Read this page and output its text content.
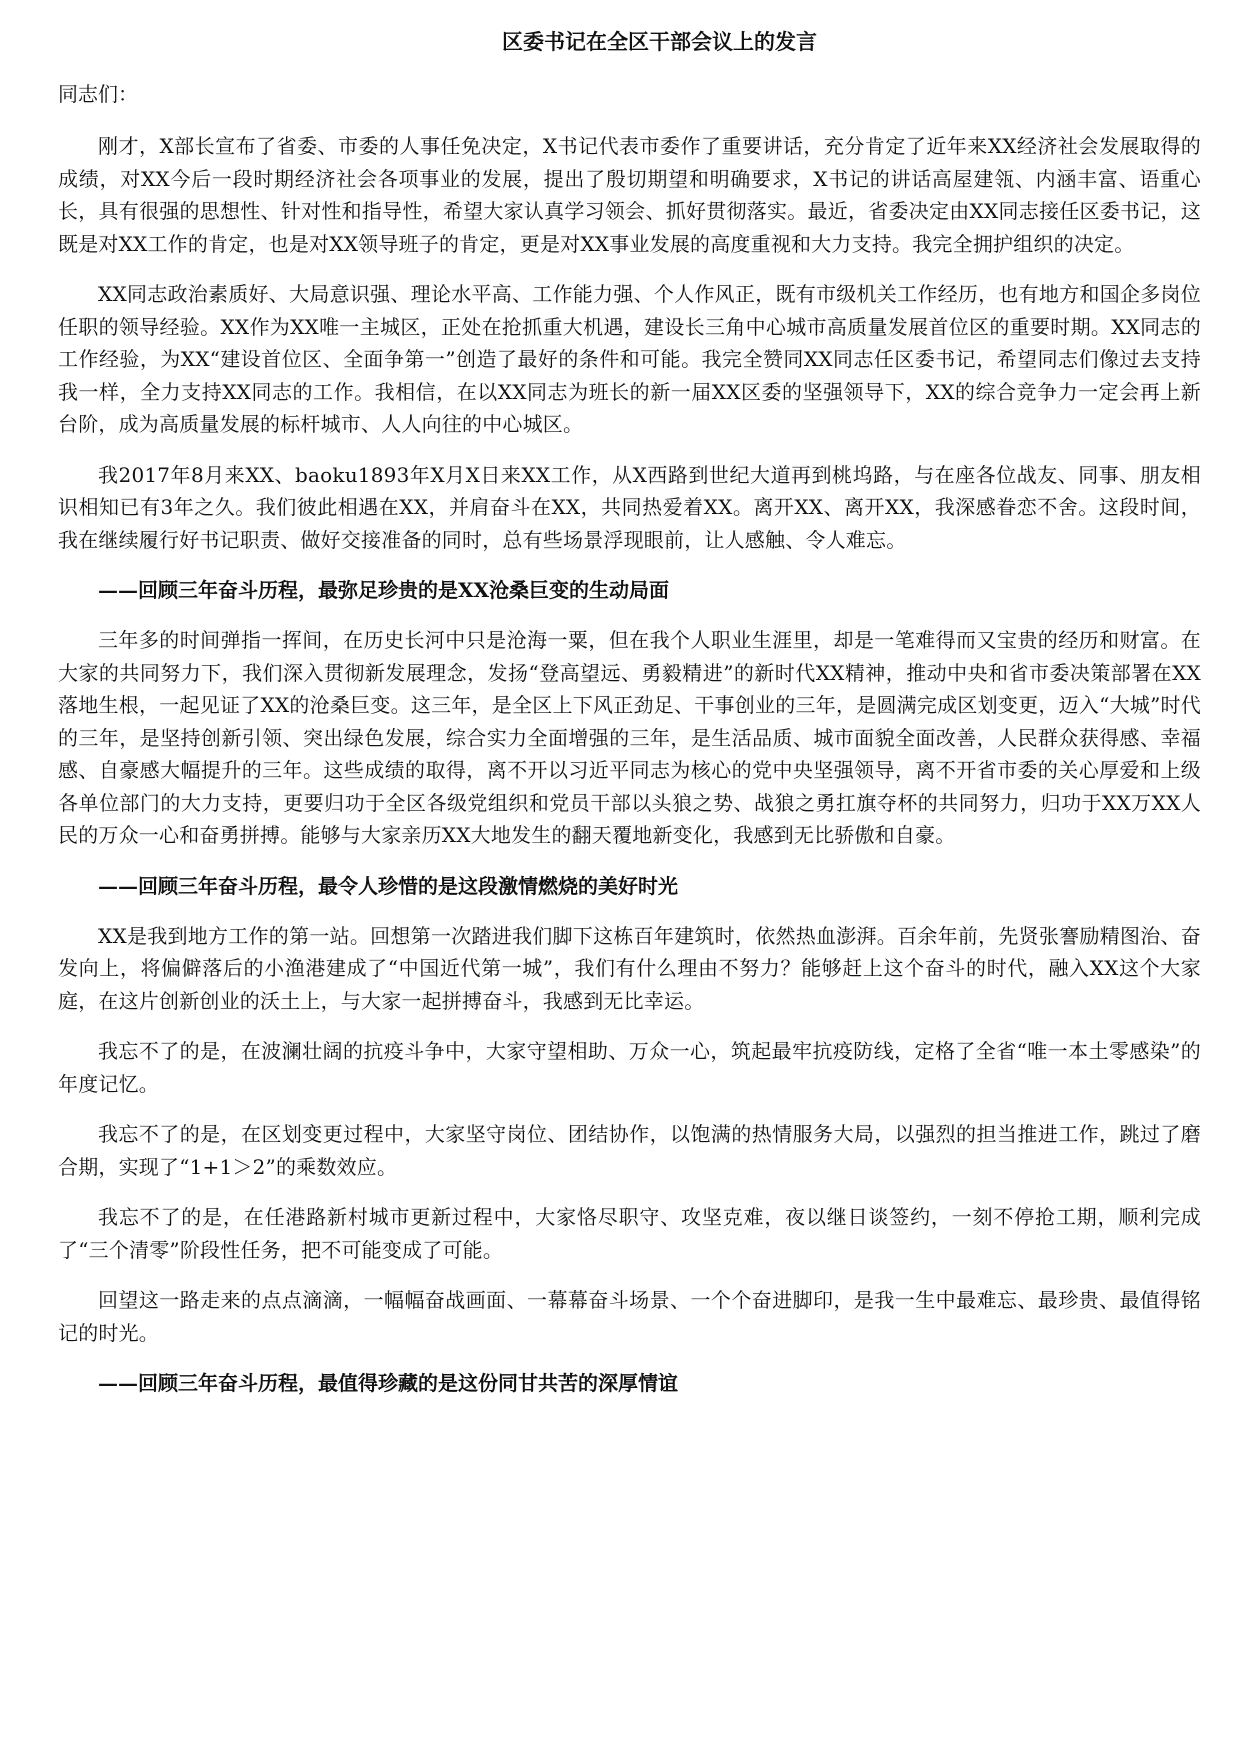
区委书记在全区干部会议上的发言
同志们：

刚才，X部长宣布了省委、市委的人事任免决定，X书记代表市委作了重要讲话，充分肯定了近年来XX经济社会发展取得的成绩，对XX今后一段时期经济社会各项事业的发展，提出了殷切期望和明确要求，X书记的讲话高屋建瓴、内涵丰富、语重心长，具有很强的思想性、针对性和指导性，希望大家认真学习领会、抓好贯彻落实。最近，省委决定由XX同志接任区委书记，这既是对XX工作的肯定，也是对XX领导班子的肯定，更是对XX事业发展的高度重视和大力支持。我完全拥护组织的决定。

XX同志政治素质好、大局意识强、理论水平高、工作能力强、个人作风正，既有市级机关工作经历，也有地方和国企多岗位任职的领导经验。XX作为XX唯一主城区，正处在抢抓重大机遇，建设长三角中心城市高质量发展首位区的重要时期。XX同志的工作经验，为XX“建设首位区、全面争第一”创造了最好的条件和可能。我完全赞同XX同志任区委书记，希望同志们像过去支持我一样，全力支持XX同志的工作。我相信，在以XX同志为班长的新一届XX区委的坚强领导下，XX的综合竞争力一定会再上新台阶，成为高质量发展的标杆城市、人人向往的中心城区。

我2017年8月来XX、baoku1893年X月X日来XX工作，从X西路到世纪大道再到桃坞路，与在座各位战友、同事、朋友相识相知已有3年之久。我们彼此相遇在XX，并肩奋斗在XX，共同热爱着XX。离开XX、离开XX，我深感眷恋不舍。这段时间，我在继续履行好书记职责、做好交接准备的同时，总有些场景浮现眼前，让人感触、令人难忘。

——回顾三年奋斗历程，最弥足珍贵的是XX沧桑巨变的生动局面

三年多的时间弹指一挥间，在历史长河中只是沧海一粟，但在我个人职业生涯里，却是一笔难得而又宝贵的经历和财富。在大家的共同努力下，我们深入贯彻新发展理念，发扬“登高望远、勇毅精进”的新时代XX精神，推动中央和省市委决策部署在XX落地生根，一起见证了XX的沧桑巨变。这三年，是全区上下风正劲足、干事创业的三年，是圆满完成区划变更，迈入“大城”时代的三年，是坚持创新引领、突出绿色发展，综合实力全面增强的三年，是生活品质、城市面貌全面改善，人民群众获得感、幸福感、自豪感大幅提升的三年。这些成绩的取得，离不开以习近平同志为核心的党中央坚强领导，离不开省市委的关心厚爱和上级各单位部门的大力支持，更要归功于全区各级党组织和党员干部以头狼之势、战狼之勇扛旗夺杯的共同努力，归功于XX万XX人民的万众一心和奋勇拼搏。能够与大家亲历XX大地发生的翻天覆地新变化，我感到无比骄傲和自豪。

——回顾三年奋斗历程，最令人珍惜的是这段激情燃烧的美好时光

XX是我到地方工作的第一站。回想第一次踏进我们脚下这栋百年建筑时，依然热血澎湃。百余年前，先贤张謇励精图治、奋发向上，将偏僻落后的小渔港建成了“中国近代第一城”，我们有什么理由不努力？能够赶上这个奋斗的时代，融入XX这个大家庭，在这片创新创业的沃土上，与大家一起拼搏奋斗，我感到无比幸运。

我忘不了的是，在波澜壮阔的抗疫斗争中，大家守望相助、万众一心，筑起最牢抗疫防线，定格了全省“唯一本土零感染”的年度记忆。

我忘不了的是，在区划变更过程中，大家坚守岗位、团结协作，以饱满的热情服务大局，以强烈的担当推进工作，跳过了磨合期，实现了“1+1＞2”的乘数效应。

我忘不了的是，在任港路新村城市更新过程中，大家恪尽职守、攻坚克难，夜以继日谈签约，一刻不停抢工期，顺利完成了“三个清零”阶段性任务，把不可能变成了可能。

回望这一路走来的点点滴滴，一幅幅奋战画面、一幕幕奋斗场景、一个个奋进脚印，是我一生中最难忘、最珍贵、最值得铭记的时光。

——回顾三年奋斗历程，最值得珍藏的是这份同甘共苦的深厚情谊
